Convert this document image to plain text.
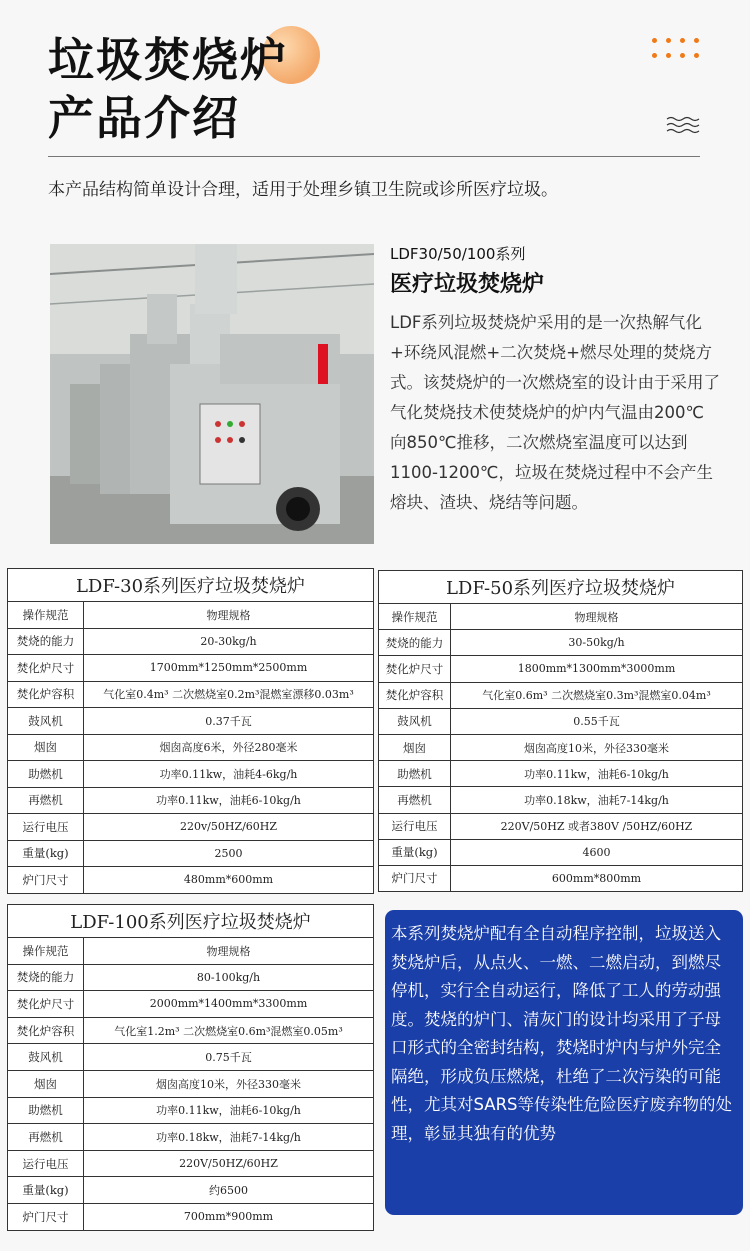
垃圾焚烧炉
产品介绍
本产品结构简单设计合理，适用于处理乡镇卫生院或诊所医疗垃圾。
LDF30/50/100系列
医疗垃圾焚烧炉
LDF系列垃圾焚烧炉采用的是一次热解气化+环绕风混燃+二次焚烧+燃尽处理的焚烧方式。该焚烧炉的一次燃烧室的设计由于采用了气化焚烧技术使焚烧炉的炉内气温由200℃向850℃推移，二次燃烧室温度可以达到1100-1200℃，垃圾在焚烧过程中不会产生熔块、渣块、烧结等问题。
LDF-30系列医疗垃圾焚烧炉
操作规范	物理规格
焚烧的能力	20-30kg/h
焚化炉尺寸	1700mm*1250mm*2500mm
焚化炉容积	气化室0.4m³ 二次燃烧室0.2m³混燃室漂移0.03m³
鼓风机	0.37千瓦
烟囱	烟囱高度6米，外径280毫米
助燃机	功率0.11kw，油耗4-6kg/h
再燃机	功率0.11kw，油耗6-10kg/h
运行电压	220v/50HZ/60HZ
重量(kg)	2500
炉门尺寸	480mm*600mm
LDF-50系列医疗垃圾焚烧炉
操作规范	物理规格
焚烧的能力	30-50kg/h
焚化炉尺寸	1800mm*1300mm*3000mm
焚化炉容积	气化室0.6m³ 二次燃烧室0.3m³混燃室0.04m³
鼓风机	0.55千瓦
烟囱	烟囱高度10米，外径330毫米
助燃机	功率0.11kw，油耗6-10kg/h
再燃机	功率0.18kw，油耗7-14kg/h
运行电压	220V/50HZ 或者380V /50HZ/60HZ
重量(kg)	4600
炉门尺寸	600mm*800mm
LDF-100系列医疗垃圾焚烧炉
操作规范	物理规格
焚烧的能力	80-100kg/h
焚化炉尺寸	2000mm*1400mm*3300mm
焚化炉容积	气化室1.2m³ 二次燃烧室0.6m³混燃室0.05m³
鼓风机	0.75千瓦
烟囱	烟囱高度10米，外径330毫米
助燃机	功率0.11kw，油耗6-10kg/h
再燃机	功率0.18kw，油耗7-14kg/h
运行电压	220V/50HZ/60HZ
重量(kg)	约6500
炉门尺寸	700mm*900mm
本系列焚烧炉配有全自动程序控制，垃圾送入焚烧炉后，从点火、一燃、二燃启动，到燃尽停机，实行全自动运行，降低了工人的劳动强度。焚烧的炉门、清灰门的设计均采用了子母口形式的全密封结构，焚烧时炉内与炉外完全隔绝，形成负压燃烧，杜绝了二次污染的可能性，尤其对SARS等传染性危险医疗废弃物的处理，彰显其独有的优势
